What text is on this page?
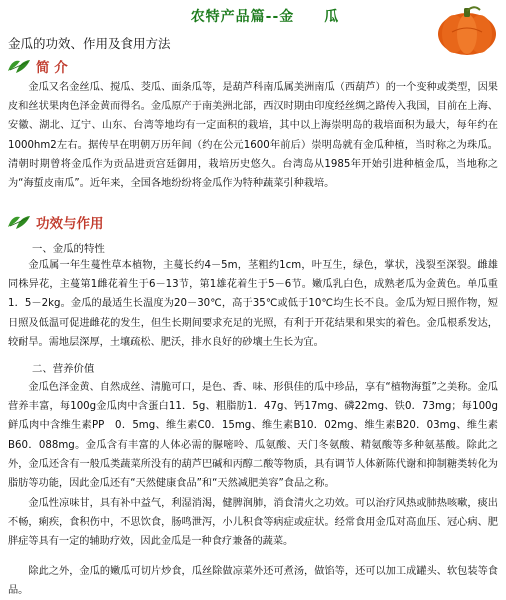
农特产品篇--金　　瓜
金瓜的功效、作用及食用方法
简 介
金瓜又名金丝瓜、搅瓜、茭瓜、面条瓜等，是葫芦科南瓜属美洲南瓜（西葫芦）的一个变种或类型，因果皮和丝状果肉色泽金黄而得名。金瓜原产于南美洲北部，西汉时期由印度经丝绸之路传入我国，目前在上海、安徽、湖北、辽宁、山东、台湾等地均有一定面积的栽培，其中以上海崇明岛的栽培面积为最大，每年约在1000hm2左右。据传早在明朝万历年间（约在公元1600年前后）崇明岛就有金瓜种植，当时称之为珠瓜。清朝时期曾将金瓜作为贡品进贡宫廷御用，栽培历史悠久。台湾岛从1985年开始引进种植金瓜，当地称之为“海蜇皮南瓜”。近年来，全国各地纷纷将金瓜作为特种蔬菜引种栽培。
功效与作用
一、金瓜的特性
金瓜属一年生蔓性草本植物，主蔓长约4－5m，茎粗约1cm，叶互生，绿色，掌状，浅裂至深裂。雌雄同株异花，主蔓第1雌花着生于6－13节，第1雄花着生于5－6节。嫩瓜乳白色，成熟老瓜为金黄色。单瓜重1．5－2kg。金瓜的最适生长温度为20－30℃，高于35℃或低于10℃均生长不良。金瓜为短日照作物，短日照及低温可促进雌花的发生，但生长期间要求充足的光照，有利于开花结果和果实的着色。金瓜根系发达，较耐旱。需地层深厚，土壤疏松、肥沃，排水良好的砂壤土生长为宜。
二、营养价值
金瓜色泽金黄、自然成丝、清脆可口，是色、香、味、形俱佳的瓜中珍品，享有“植物海蜇”之美称。金瓜营养丰富，每100g金瓜肉中含蛋白11．5g、粗脂肪1．47g、钙17mg、磷22mg、铁0．73mg；每100g鲜瓜肉中含维生素PP　0．5mg、维生素C0．15mg、维生素B10．02mg、维生素B20．03mg、维生素B60．088mg。金瓜含有丰富的人体必需的脲嘧呤、瓜氨酸、天门冬氨酸、精氨酸等多种氨基酸。除此之外，金瓜还含有一般瓜类蔬菜所没有的葫芦巴碱和丙醇二酸等物质，具有调节人体新陈代谢和抑制糖类转化为脂肪等功能，因此金瓜还有“天然健康食品”和“天然减肥美容”食品之称。
金瓜性凉味甘，具有补中益气，利湿消渴，健脾润肺，消食清火之功效。可以治疗风热或肺热咳嗽，痰出不畅，痢疾，食积伤中，不思饮食，肠鸣泄泻，小儿积食等病症或症状。经常食用金瓜对高血压、冠心病、肥胖症等具有一定的辅助疗效，因此金瓜是一种食疗兼备的蔬菜。
除此之外，金瓜的嫩瓜可切片炒食，瓜丝除做凉菜外还可煮汤，做馅等，还可以加工成罐头、软包装等食品。
